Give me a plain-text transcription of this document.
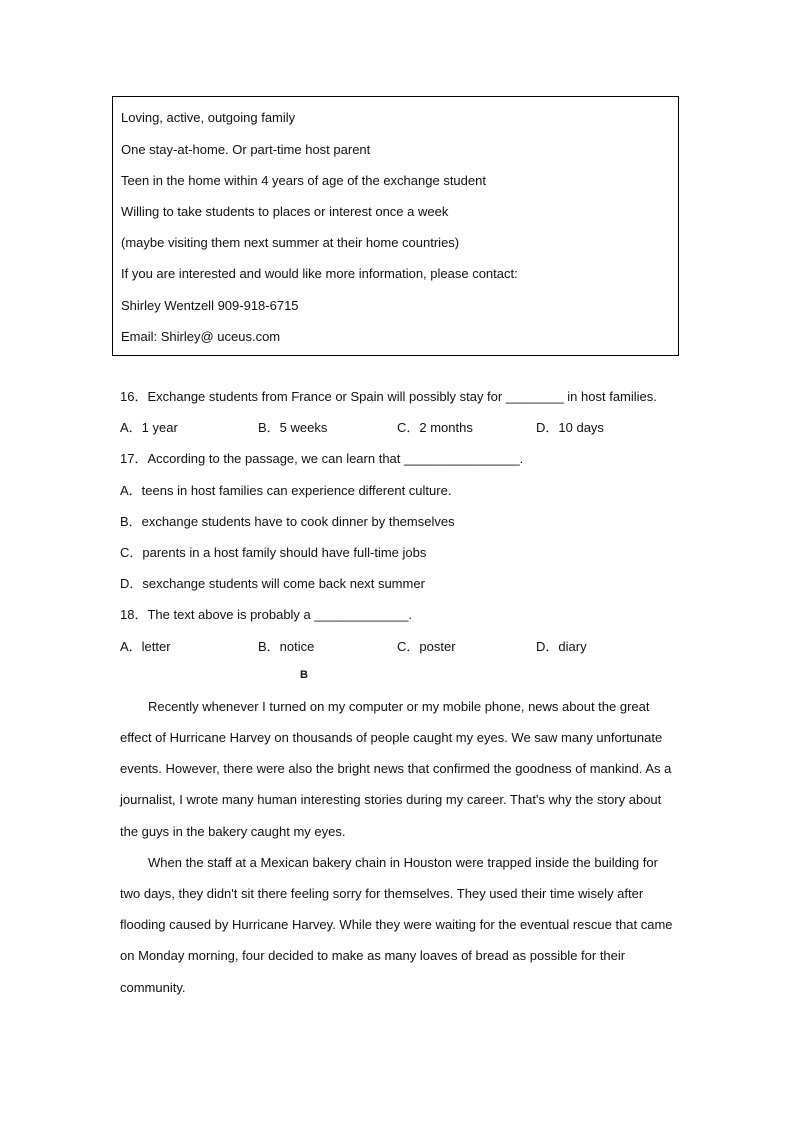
Loving, active, outgoing family
One stay-at-home. Or part-time host parent
Teen in the home within 4 years of age of the exchange student
Willing to take students to places or interest once a week
(maybe visiting them next summer at their home countries)
If you are interested and would like more information, please contact:
Shirley Wentzell 909-918-6715
Email: Shirley@ uceus.com
16．Exchange students from France or Spain will possibly stay for ________ in host families.
A．1 year	B．5 weeks	C．2 months	D．10 days
17．According to the passage, we can learn that ________________.
A．teens in host families can experience different culture.
B．exchange students have to cook dinner by themselves
C．parents in a host family should have full-time jobs
D．sexchange students will come back next summer
18．The text above is probably a _____________.
A．letter	B．notice	C．poster	D．diary
B
Recently whenever I turned on my computer or my mobile phone, news about the great
effect of Hurricane Harvey on thousands of people caught my eyes. We saw many unfortunate
events. However, there were also the bright news that confirmed the goodness of mankind. As a
journalist, I wrote many human interesting stories during my career. That's why the story about
the guys in the bakery caught my eyes.
When the staff at a Mexican bakery chain in Houston were trapped inside the building for
two days, they didn't sit there feeling sorry for themselves. They used their time wisely after
flooding caused by Hurricane Harvey. While they were waiting for the eventual rescue that came
on Monday morning, four decided to make as many loaves of bread as possible for their
community.
